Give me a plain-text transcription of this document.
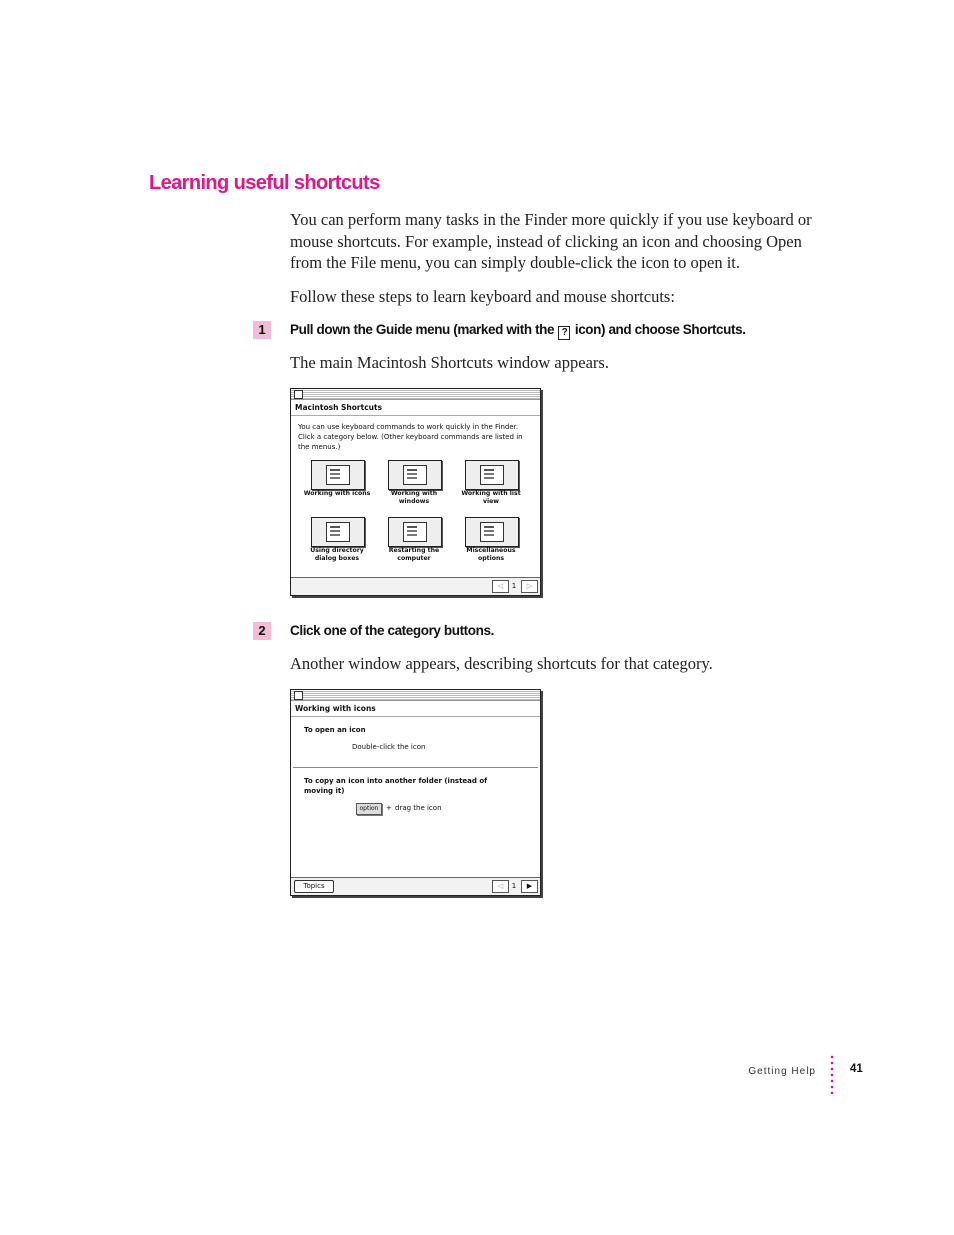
Learning useful shortcuts

You can perform many tasks in the Finder more quickly if you use keyboard or mouse shortcuts. For example, instead of clicking an icon and choosing Open from the File menu, you can simply double-click the icon to open it.

Follow these steps to learn keyboard and mouse shortcuts:

1	Pull down the Guide menu (marked with the ? icon) and choose Shortcuts.

The main Macintosh Shortcuts window appears.

Macintosh Shortcuts

You can use keyboard commands to work quickly in the Finder. Click a category below. (Other keyboard commands are listed in the menus.)

Working with icons	Working with windows
Working with list view
Using directory dialog boxes
Restarting the computer
Miscellaneous options
◁	1	▷
2	Click one of the category buttons.

Another window appears, describing shortcuts for that category.

Working with icons

To open an icon

Double-click the icon

To copy an icon into another folder (instead of moving it)

option	+ drag the icon
Topics	◁	1	▶
Getting Help	41
